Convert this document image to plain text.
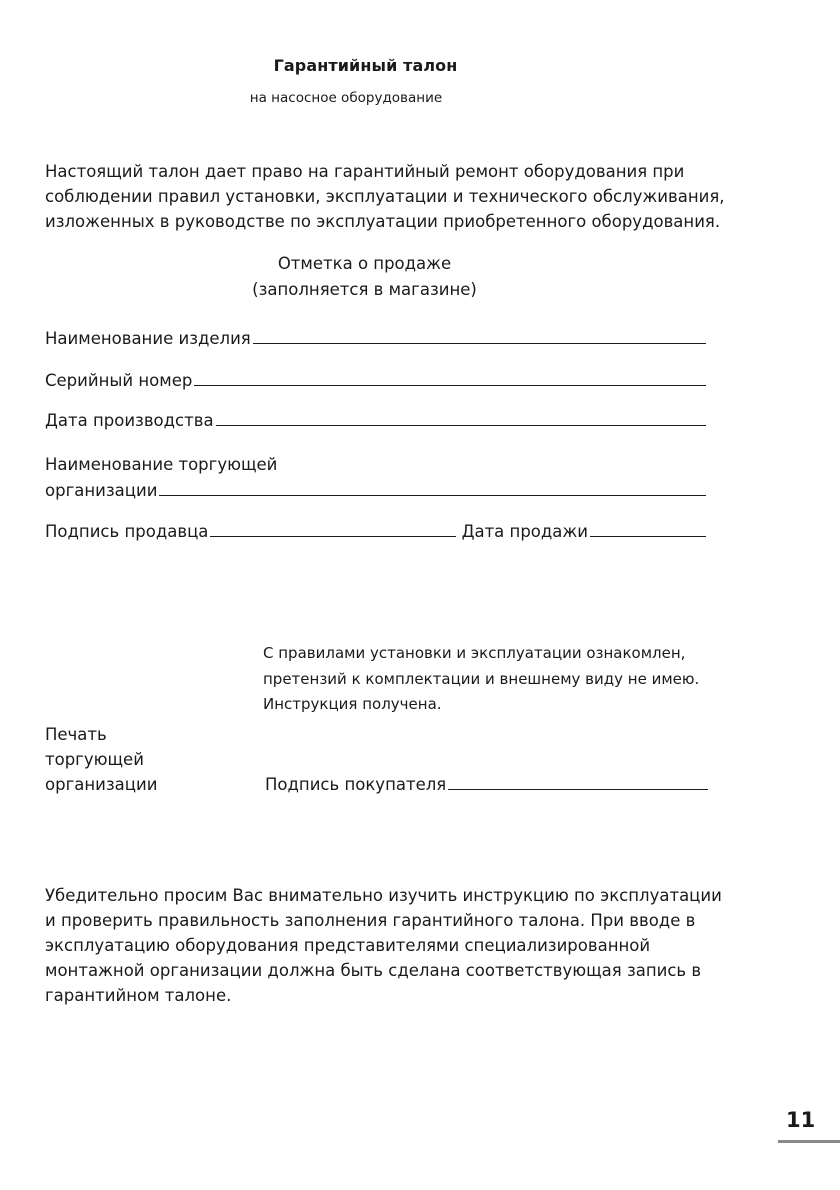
Гарантийный талон
на насосное оборудование
Настоящий талон дает право на гарантийный ремонт оборудования при
соблюдении правил установки, эксплуатации и технического обслуживания,
изложенных в руководстве по эксплуатации приобретенного оборудования.
Отметка о продаже
(заполняется в магазине)
Наименование изделия
Серийный номер
Дата производства
Наименование торгующей
организации
Подпись продавца	Дата продажи
С правилами установки и эксплуатации ознакомлен,
претензий к комплектации и внешнему виду не имею.
Инструкция получена.
Печать
торгующей
организации	Подпись покупателя
Убедительно просим Вас внимательно изучить инструкцию по эксплуатации
и проверить правильность заполнения гарантийного талона. При вводе в
эксплуатацию оборудования представителями специализированной
монтажной организации должна быть сделана соответствующая запись в
гарантийном талоне.
11
